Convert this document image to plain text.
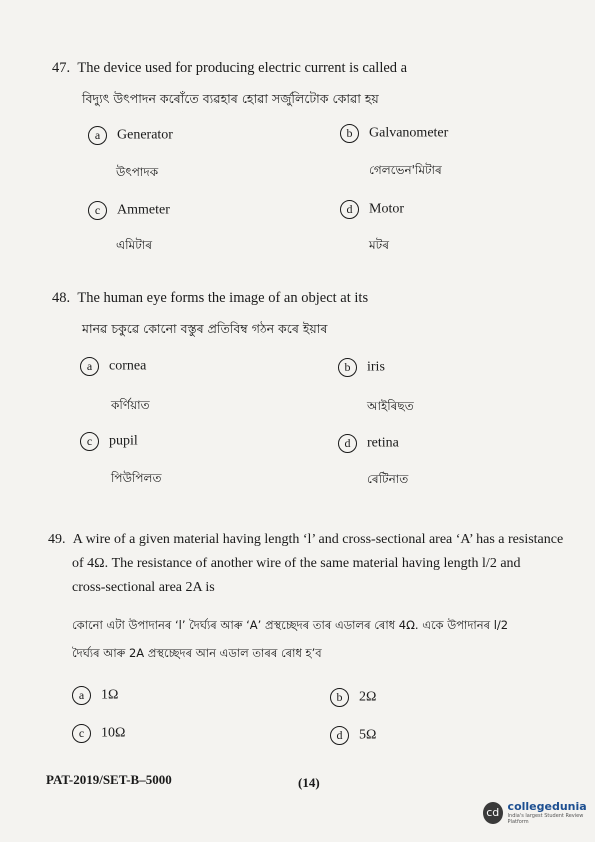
47. The device used for producing electric current is called a
বিদ্যুৎ উৎপাদন কৰোঁতে ব্যৱহাৰ হোৱা সৰ্জুলিটোক কোৱা হয়
a Generator	b Galvanometer
উৎপাদক	গেলভেন'মিটাৰ
c Ammeter	d Motor
এমিটাৰ	মটৰ
48. The human eye forms the image of an object at its
মানৱ চকুৱে কোনো বস্তুৰ প্ৰতিবিম্ব গঠন কৰে ইয়াৰ
a cornea	b iris
কৰ্ণিয়াত	আইৰিছত
c pupil	d retina
পিউপিলত	ৰেটিনাত
49. A wire of a given material having length ‘l’ and cross-sectional area ‘A’ has a resistance
of 4Ω. The resistance of another wire of the same material having length l/2 and
cross-sectional area 2A is
কোনো এটা উপাদানৰ ‘l’ দৈৰ্ঘ্যৰ আৰু ‘A’ প্ৰস্থচ্ছেদৰ তাৰ এডালৰ ৰোধ 4Ω. একে উপাদানৰ l/2
দৈৰ্ঘ্যৰ আৰু 2A প্ৰস্থচ্ছেদৰ আন এডাল তাৰৰ ৰোধ হ’ব
a 1Ω	b 2Ω
c 10Ω	d 5Ω
PAT-2019/SET-B–5000	(14)
cd collegedunia
India's largest Student Review Platform
